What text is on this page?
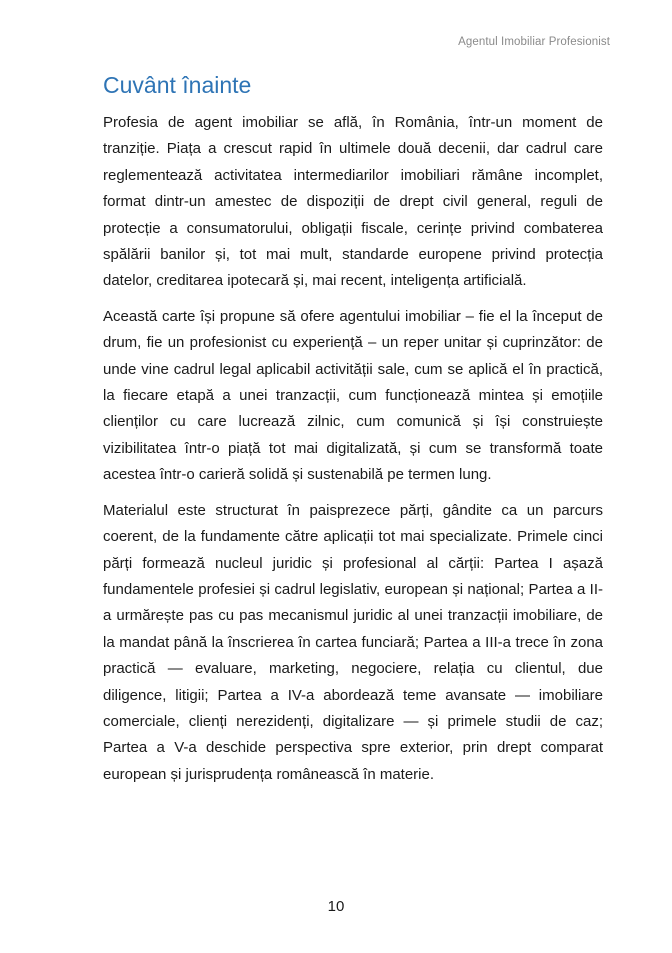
Agentul Imobiliar Profesionist
Cuvânt înainte

Profesia de agent imobiliar se află, în România, într-un moment de tranziție. Piața a crescut rapid în ultimele două decenii, dar cadrul care reglementează activitatea intermediarilor imobiliari rămâne incomplet, format dintr-un amestec de dispoziții de drept civil general, reguli de protecție a consumatorului, obligații fiscale, cerințe privind combaterea spălării banilor și, tot mai mult, standarde europene privind protecția datelor, creditarea ipotecară și, mai recent, inteligența artificială.

Această carte își propune să ofere agentului imobiliar – fie el la început de drum, fie un profesionist cu experiență – un reper unitar și cuprinzător: de unde vine cadrul legal aplicabil activității sale, cum se aplică el în practică, la fiecare etapă a unei tranzacții, cum funcționează mintea și emoțiile clienților cu care lucrează zilnic, cum comunică și își construiește vizibilitatea într-o piață tot mai digitalizată, și cum se transformă toate acestea într-o carieră solidă și sustenabilă pe termen lung.

Materialul este structurat în paisprezece părți, gândite ca un parcurs coerent, de la fundamente către aplicații tot mai specializate. Primele cinci părți formează nucleul juridic și profesional al cărții: Partea I așază fundamentele profesiei și cadrul legislativ, european și național; Partea a II-a urmărește pas cu pas mecanismul juridic al unei tranzacții imobiliare, de la mandat până la înscrierea în cartea funciară; Partea a III-a trece în zona practică — evaluare, marketing, negociere, relația cu clientul, due diligence, litigii; Partea a IV-a abordează teme avansate — imobiliare comerciale, clienți nerezidenți, digitalizare — și primele studii de caz; Partea a V-a deschide perspectiva spre exterior, prin drept comparat european și jurisprudența românească în materie.

10
